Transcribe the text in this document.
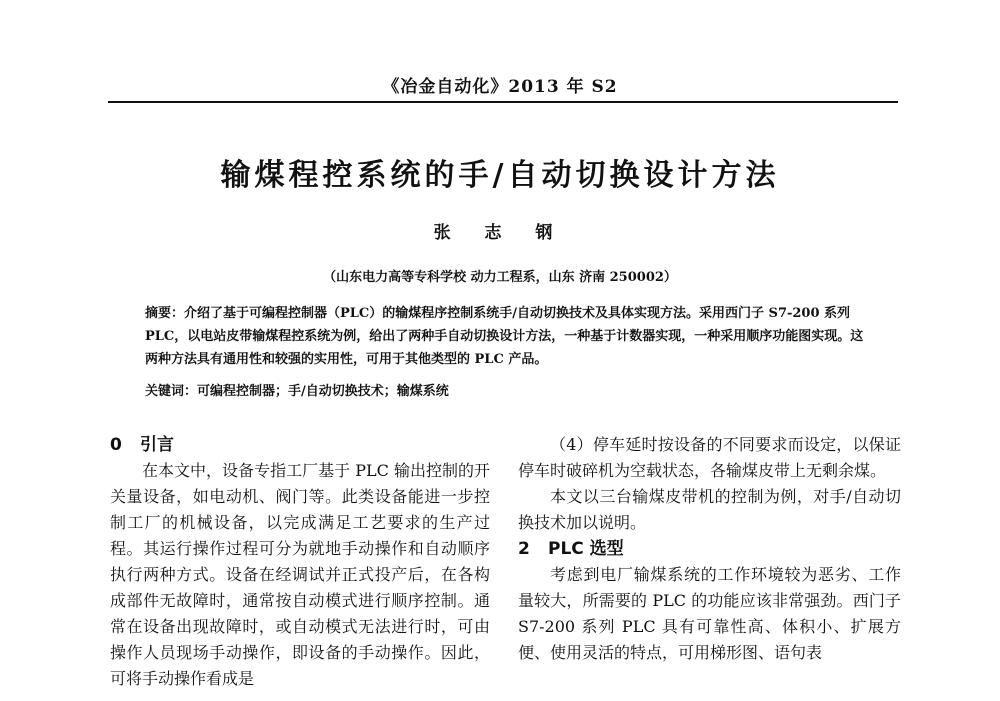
《冶金自动化》2013 年 S2
输煤程控系统的手/自动切换设计方法
张 志 钢
（山东电力高等专科学校 动力工程系，山东 济南 250002）
摘要：介绍了基于可编程控制器（PLC）的输煤程序控制系统手/自动切换技术及具体实现方法。采用西门子 S7-200 系列 PLC，以电站皮带输煤程控系统为例，给出了两种手自动切换设计方法，一种基于计数器实现，一种采用顺序功能图实现。这两种方法具有通用性和较强的实用性，可用于其他类型的 PLC 产品。
关键词：可编程控制器；手/自动切换技术；输煤系统
0 引言
在本文中，设备专指工厂基于 PLC 输出控制的开关量设备，如电动机、阀门等。此类设备能进一步控制工厂的机械设备，以完成满足工艺要求的生产过程。其运行操作过程可分为就地手动操作和自动顺序执行两种方式。设备在经调试并正式投产后，在各构成部件无故障时，通常按自动模式进行顺序控制。通常在设备出现故障时，或自动模式无法进行时，可由操作人员现场手动操作，即设备的手动操作。因此，可将手动操作看成是
（4）停车延时按设备的不同要求而设定，以保证停车时破碎机为空载状态，各输煤皮带上无剩余煤。
本文以三台输煤皮带机的控制为例，对手/自动切换技术加以说明。
2 PLC 选型
考虑到电厂输煤系统的工作环境较为恶劣、工作量较大，所需要的 PLC 的功能应该非常强劲。西门子 S7-200 系列 PLC 具有可靠性高、体积小、扩展方便、使用灵活的特点，可用梯形图、语句表
